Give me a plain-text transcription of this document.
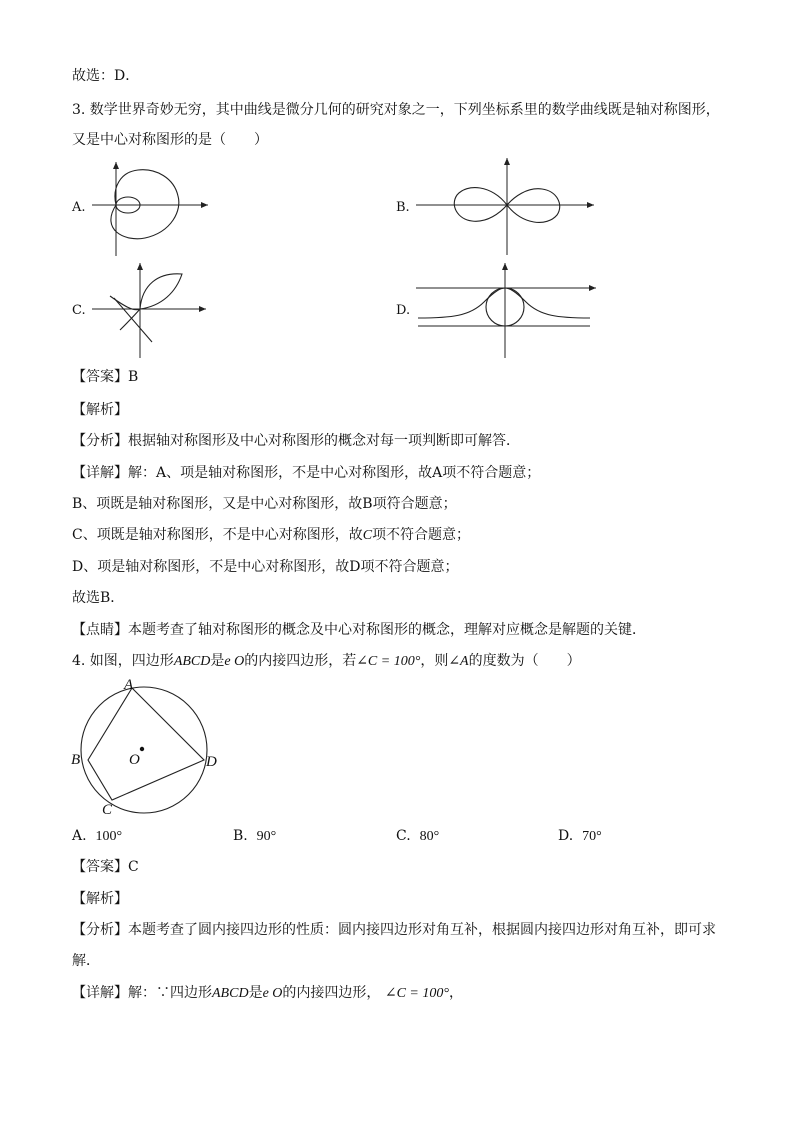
故选：D．
3. 数学世界奇妙无穷，其中曲线是微分几何的研究对象之一，下列坐标系里的数学曲线既是轴对称图形，
又是中心对称图形的是（　　）
A.	B.
C.	D.
【答案】B
【解析】
【分析】根据轴对称图形及中心对称图形的概念对每一项判断即可解答．
【详解】解：A、项是轴对称图形，不是中心对称图形，故A项不符合题意；
B、项既是轴对称图形，又是中心对称图形，故B项符合题意；
C、项既是轴对称图形，不是中心对称图形，故C项不符合题意；
D、项是轴对称图形，不是中心对称图形，故D项不符合题意；
故选B．
【点睛】本题考查了轴对称图形的概念及中心对称图形的概念，理解对应概念是解题的关键．
4. 如图，四边形ABCD是e O的内接四边形，若∠C = 100°，则∠A的度数为（　　）
A
B
C
D
O
A. 100°	B. 90°	C. 80°	D. 70°
【答案】C
【解析】
【分析】本题考查了圆内接四边形的性质：圆内接四边形对角互补，根据圆内接四边形对角互补，即可求
解．
【详解】解：∵四边形ABCD是e O的内接四边形， ∠C = 100°，
